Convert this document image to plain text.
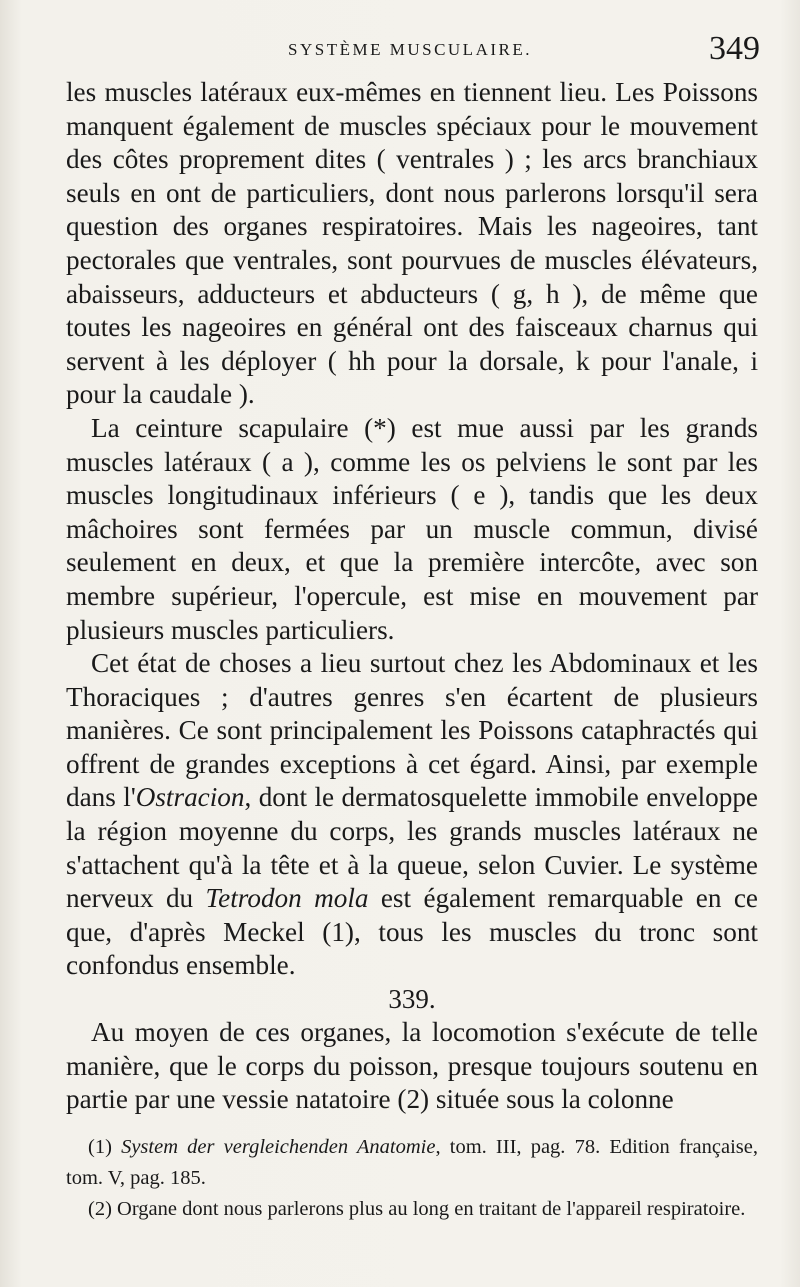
SYSTÈME MUSCULAIRE.	349

les muscles latéraux eux-mêmes en tiennent lieu. Les Poissons manquent également de muscles spéciaux pour le mouvement des côtes proprement dites ( ventrales ) ; les arcs branchiaux seuls en ont de particuliers, dont nous parlerons lorsqu'il sera question des organes respiratoires. Mais les nageoires, tant pectorales que ventrales, sont pourvues de muscles élévateurs, abaisseurs, adducteurs et abducteurs ( g, h ), de même que toutes les nageoires en général ont des faisceaux charnus qui servent à les déployer ( hh pour la dorsale, k pour l'anale, i pour la caudale ).

La ceinture scapulaire (*) est mue aussi par les grands muscles latéraux ( a ), comme les os pelviens le sont par les muscles longitudinaux inférieurs ( e ), tandis que les deux mâchoires sont fermées par un muscle commun, divisé seulement en deux, et que la première intercôte, avec son membre supérieur, l'opercule, est mise en mouvement par plusieurs muscles particuliers.

Cet état de choses a lieu surtout chez les Abdominaux et les Thoraciques ; d'autres genres s'en écartent de plusieurs manières. Ce sont principalement les Poissons cataphractés qui offrent de grandes exceptions à cet égard. Ainsi, par exemple dans l'Ostracion, dont le dermatosquelette immobile enveloppe la région moyenne du corps, les grands muscles latéraux ne s'attachent qu'à la tête et à la queue, selon Cuvier. Le système nerveux du Tetrodon mola est également remarquable en ce que, d'après Meckel (1), tous les muscles du tronc sont confondus ensemble.

339.

Au moyen de ces organes, la locomotion s'exécute de telle manière, que le corps du poisson, presque toujours soutenu en partie par une vessie natatoire (2) située sous la colonne

(1) System der vergleichenden Anatomie, tom. III, pag. 78. Edition française, tom. V, pag. 185.

(2) Organe dont nous parlerons plus au long en traitant de l'appareil respiratoire.
